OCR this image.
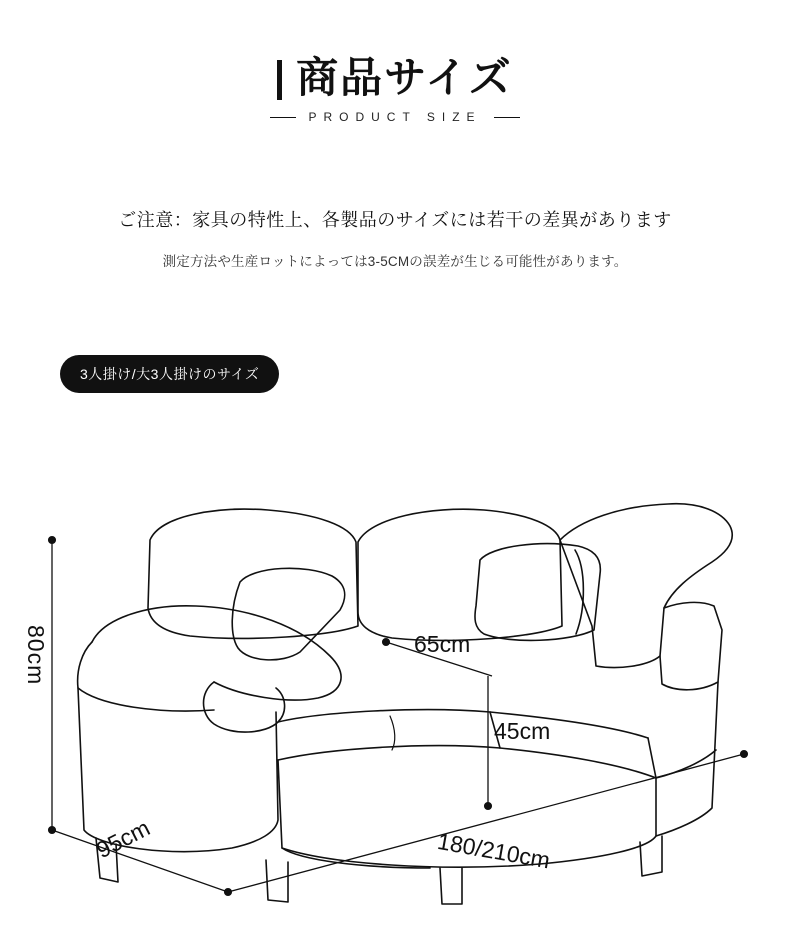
商品サイズ
PRODUCT SIZE
ご注意：家具の特性上、各製品のサイズには若干の差異があります
測定方法や生産ロットによっては3-5CMの誤差が生じる可能性があります。
3人掛け/大3人掛けのサイズ
80cm
95cm	180/210cm
65cm
45cm
